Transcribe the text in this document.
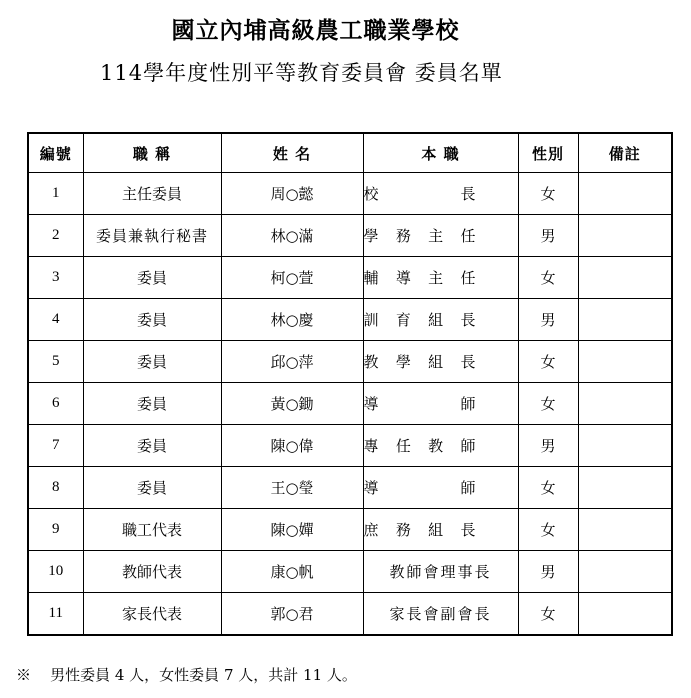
國立內埔高級農工職業學校
114學年度性別平等教育委員會 委員名單
編號	職 稱	姓 名	本 職	性別	備註
1	主任委員	周○懿	校 長	女	
2	委員兼執行秘書	林○滿	學 務 主 任	男	
3	委員	柯○萱	輔 導 主 任	女	
4	委員	林○慶	訓 育 組 長	男	
5	委員	邱○萍	教 學 組 長	女	
6	委員	黃○鋤	導 師	女	
7	委員	陳○偉	專 任 教 師	男	
8	委員	王○瑩	導 師	女	
9	職工代表	陳○嬋	庶 務 組 長	女	
10	教師代表	康○帆	教師會理事長	男	
11	家長代表	郭○君	家長會副會長	女	
※ 男性委員 4 人，女性委員 7 人，共計 11 人。
